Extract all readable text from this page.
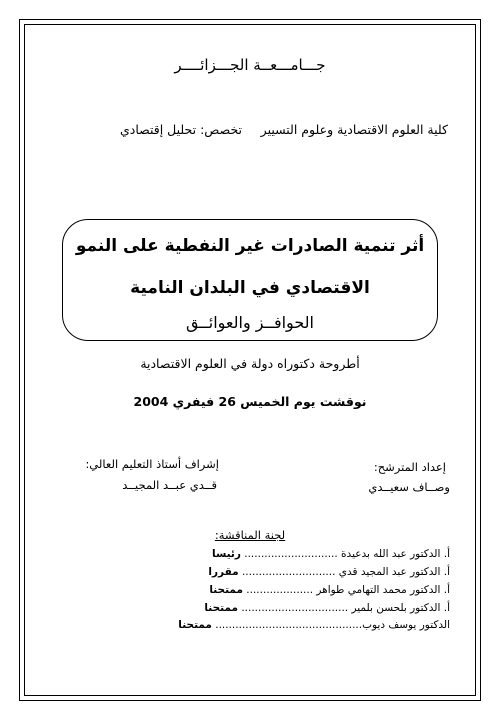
جـــامـــعــة الجـــزائــــر
كلية العلوم الاقتصادية وعلوم التسيير
تخصص: تحليل إقتصادي
أثر تنمية الصادرات غير النفطية على النمو
الاقتصادي في البلدان النامية
الحوافــز والعوائــق
أطروحة دكتوراه دولة في العلوم الاقتصادية
نوقشت يوم الخميس 26 فيفري 2004
إعداد المترشح:
وصــاف سعيــدي
إشراف أستاذ التعليم العالي:
قــدي عبــد المجيــد
لجنة المناقشة:
أ. الدكتور عبد الله بدعيدة ............................ رئيسا
أ. الدكتور عبد المجيد قدي ............................ مقررا
أ. الدكتور محمد التهامي طواهر .................... ممتحنا
أ. الدكتور بلحسن بلمير ................................ ممتحنا
الدكتور يوسف ديوب............................................ ممتحنا
